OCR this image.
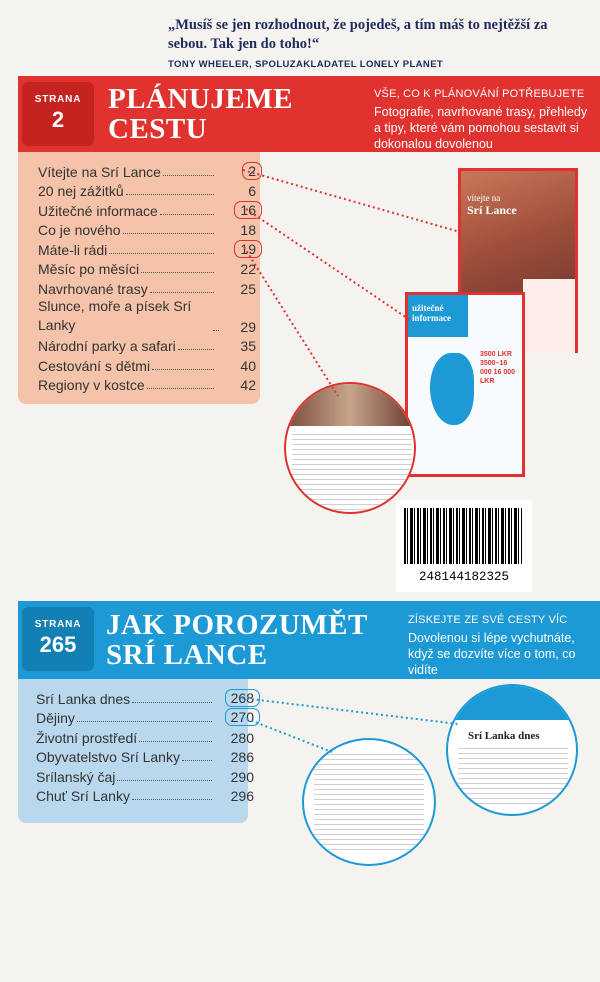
„Musíš se jen rozhodnout, že pojedeš, a tím máš to nejtěžší za sebou. Tak jen do toho!“
TONY WHEELER, SPOLUZAKLADATEL LONELY PLANET
STRANA
2
PLÁNUJEME
CESTU
VŠE, CO K PLÁNOVÁNÍ POTŘEBUJETE
Fotografie, navrhované trasy, přehledy a tipy, které vám pomohou sestavit si dokonalou dovolenou
Vítejte na Srí Lance	2
20 nej zážitků	6
Užitečné informace	16
Co je nového	18
Máte-li rádi	19
Měsíc po měsíci	22
Navrhované trasy	25
Slunce, moře a písek Srí Lanky	29
Národní parky a safari	35
Cestování s dětmi	40
Regiony v kostce	42
vítejte na
Srí Lance
užitečné informace
3500 LKR 3500–16 000 16 000 LKR
248144182325
STRANA
265
JAK POROZUMĚT
SRÍ LANCE
ZÍSKEJTE ZE SVÉ CESTY VÍC
Dovolenou si lépe vychutnáte, když se dozvíte více o tom, co vidíte
Srí Lanka dnes	268
Dějiny	270
Životní prostředí	280
Obyvatelstvo Srí Lanky	286
Srílanský čaj	290
Chuť Srí Lanky	296
Srí Lanka dnes
